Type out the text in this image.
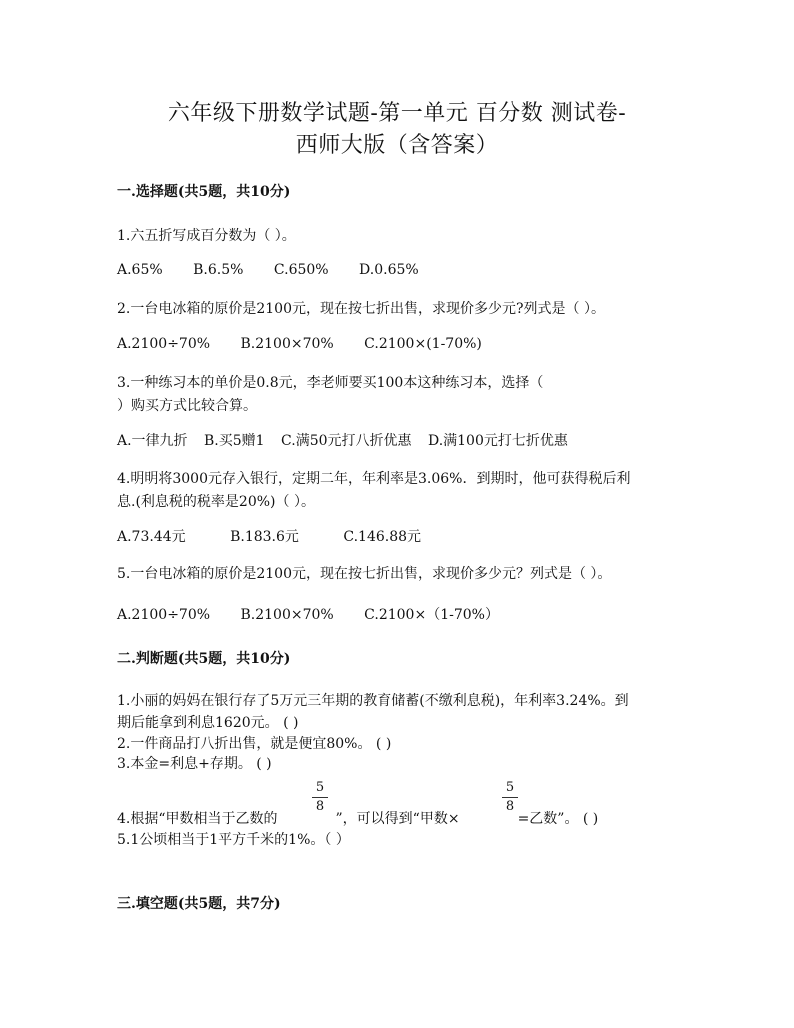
六年级下册数学试题-第一单元 百分数 测试卷-
西师大版（含答案）
一.选择题(共5题，共10分)
1.六五折写成百分数为（ ）。
A.65% B.6.5% C.650% D.0.65%
2.一台电冰箱的原价是2100元，现在按七折出售，求现价多少元?列式是（ ）。
A.2100÷70% B.2100×70% C.2100×(1-70%)
3.一种练习本的单价是0.8元，李老师要买100本这种练习本，选择（
）购买方式比较合算。
A.一律九折 B.买5赠1 C.满50元打八折优惠 D.满100元打七折优惠
4.明明将3000元存入银行，定期二年，年利率是3.06%．到期时，他可获得税后利
息.(利息税的税率是20%)（ ）。
A.73.44元	B.183.6元	C.146.88元
5.一台电冰箱的原价是2100元，现在按七折出售，求现价多少元？列式是（ ）。
A.2100÷70% B.2100×70% C.2100×（1-70%）
二.判断题(共5题，共10分)
1.小丽的妈妈在银行存了5万元三年期的教育储蓄(不缴利息税)，年利率3.24%。到
期后能拿到利息1620元。 ( )
2.一件商品打八折出售，就是便宜80%。 ( )
3.本金=利息+存期。 ( )
5
8
5
8
4.根据“甲数相当于乙数的	”，可以得到“甲数×	=乙数”。 ( )
5.1公顷相当于1平方千米的1%。（ ）
三.填空题(共5题，共7分)
